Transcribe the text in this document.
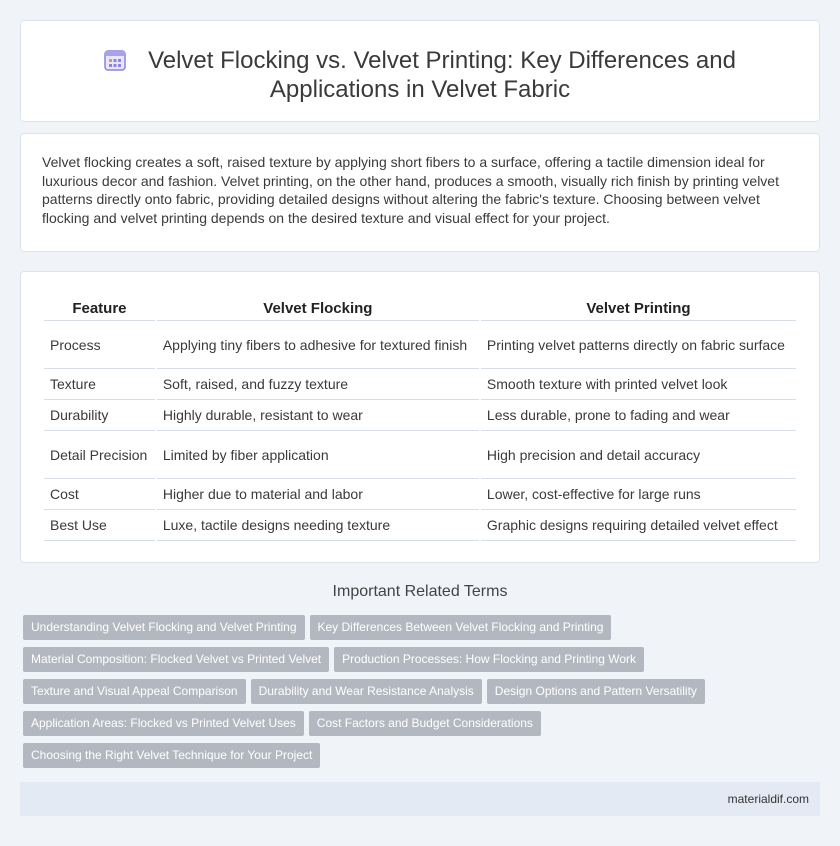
Velvet Flocking vs. Velvet Printing: Key Differences and
Applications in Velvet Fabric

Velvet flocking creates a soft, raised texture by applying short fibers to a surface, offering a tactile dimension ideal for luxurious decor and fashion. Velvet printing, on the other hand, produces a smooth, visually rich finish by printing velvet patterns directly onto fabric, providing detailed designs without altering the fabric's texture. Choosing between velvet flocking and velvet printing depends on the desired texture and visual effect for your project.

Feature	Velvet Flocking	Velvet Printing
Process	Applying tiny fibers to adhesive for textured finish	Printing velvet patterns directly on fabric surface
Texture	Soft, raised, and fuzzy texture	Smooth texture with printed velvet look
Durability	Highly durable, resistant to wear	Less durable, prone to fading and wear
Detail Precision	Limited by fiber application	High precision and detail accuracy
Cost	Higher due to material and labor	Lower, cost-effective for large runs
Best Use	Luxe, tactile designs needing texture	Graphic designs requiring detailed velvet effect
Important Related Terms
Understanding Velvet Flocking and Velvet Printing Key Differences Between Velvet Flocking and Printing
Material Composition: Flocked Velvet vs Printed Velvet Production Processes: How Flocking and Printing Work
Texture and Visual Appeal Comparison Durability and Wear Resistance Analysis Design Options and Pattern Versatility
Application Areas: Flocked vs Printed Velvet Uses Cost Factors and Budget Considerations
Choosing the Right Velvet Technique for Your Project
materialdif.com
